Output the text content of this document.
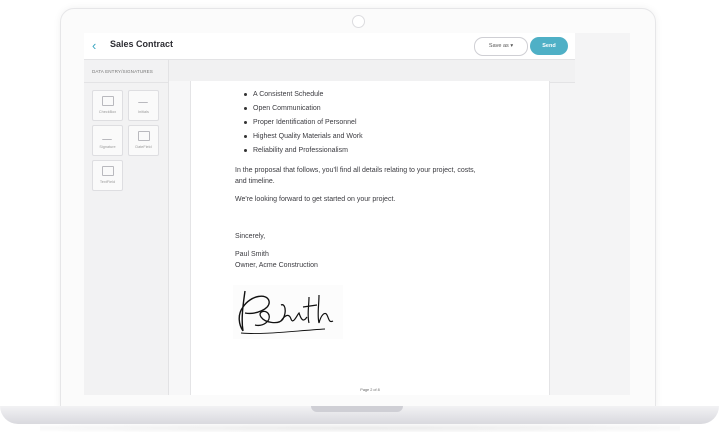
‹ Sales Contract	Save as ▾	Send
DATA ENTRY/SIGNATURES
CheckBox	Initials
Signature	DateField
TextField
A Consistent Schedule
Open Communication
Proper Identification of Personnel
Highest Quality Materials and Work
Reliability and Professionalism
In the proposal that follows, you'll find all details relating to your project, costs,
and timeline.
We're looking forward to get started on your project.
Sincerely,
Paul Smith
Owner, Acme Construction
Page 2 of 8
